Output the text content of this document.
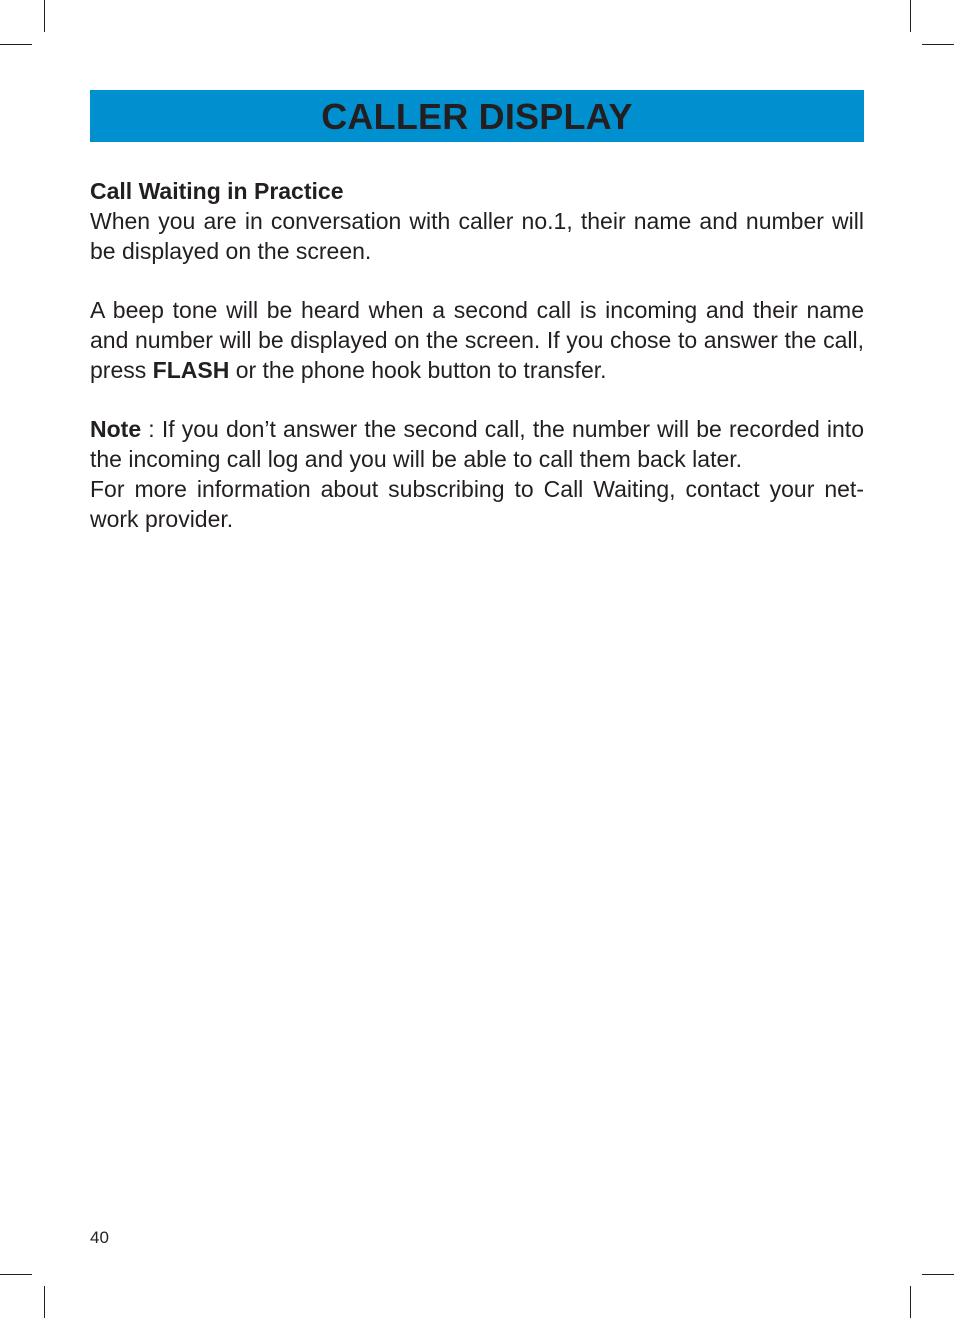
CALLER DISPLAY

Call Waiting in Practice

When you are in conversation with caller no.1, their name and number will be displayed on the screen.

A beep tone will be heard when a second call is incoming and their name and number will be displayed on the screen. If you chose to answer the call, press FLASH or the phone hook button to transfer.

Note : If you don’t answer the second call, the number will be recorded into the incoming call log and you will be able to call them back later.

For more information about subscribing to Call Waiting, contact your net-work provider.

40
